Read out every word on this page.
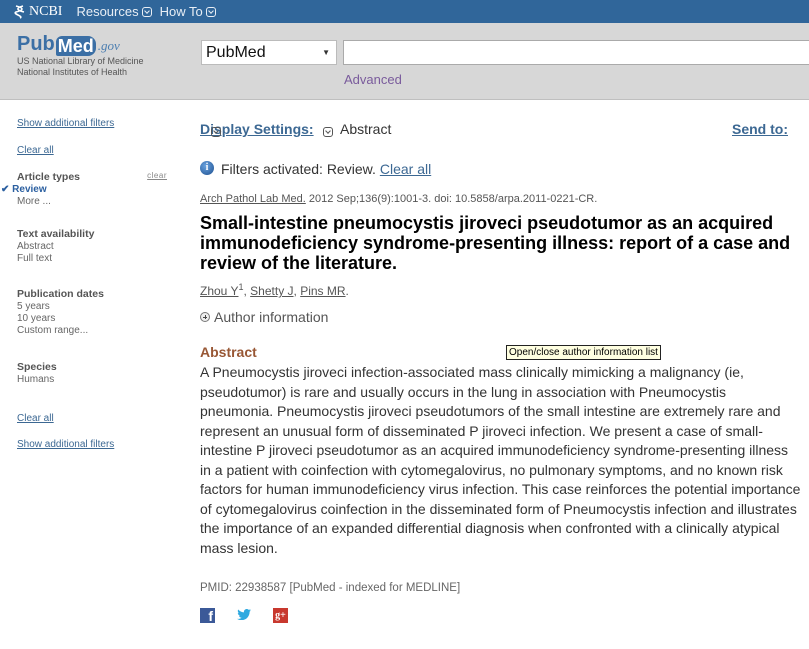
NCBI Resources How To
Pub Med .gov
US National Library of Medicine
National Institutes of Health
PubMed	▼
Advanced
Show additional filters
Clear all
Article types	clear
✔ Review
More ...
Text availability
Abstract
Full text
Publication dates
5 years
10 years
Custom range...
Species
Humans
Clear all
Show additional filters
Display Settings:
Abstract	Send to:
i Filters activated: Review. Clear all
Arch Pathol Lab Med. 2012 Sep;136(9):1001-3. doi: 10.5858/arpa.2011-0221-CR.
Small-intestine pneumocystis jiroveci pseudotumor as an acquired immunodeficiency syndrome-presenting illness: report of a case and review of the literature.
Zhou $Y^1$, Shetty J, Pins MR.
Author information
Abstract	Open/close author information list

A Pneumocystis jiroveci infection-associated mass clinically mimicking a malignancy (ie, pseudotumor) is rare and usually occurs in the lung in association with Pneumocystis pneumonia. Pneumocystis jiroveci pseudotumors of the small intestine are extremely rare and represent an unusual form of disseminated P jiroveci infection. We present a case of small-intestine P jiroveci pseudotumor as an acquired immunodeficiency syndrome-presenting illness in a patient with coinfection with cytomegalovirus, no pulmonary symptoms, and no known risk factors for human immunodeficiency virus infection. This case reinforces the potential importance of cytomegalovirus coinfection in the disseminated form of Pneumocystis infection and illustrates the importance of an expanded differential diagnosis when confronted with a clinically atypical mass lesion.

PMID: 22938587 [PubMed - indexed for MEDLINE]
f	g+
